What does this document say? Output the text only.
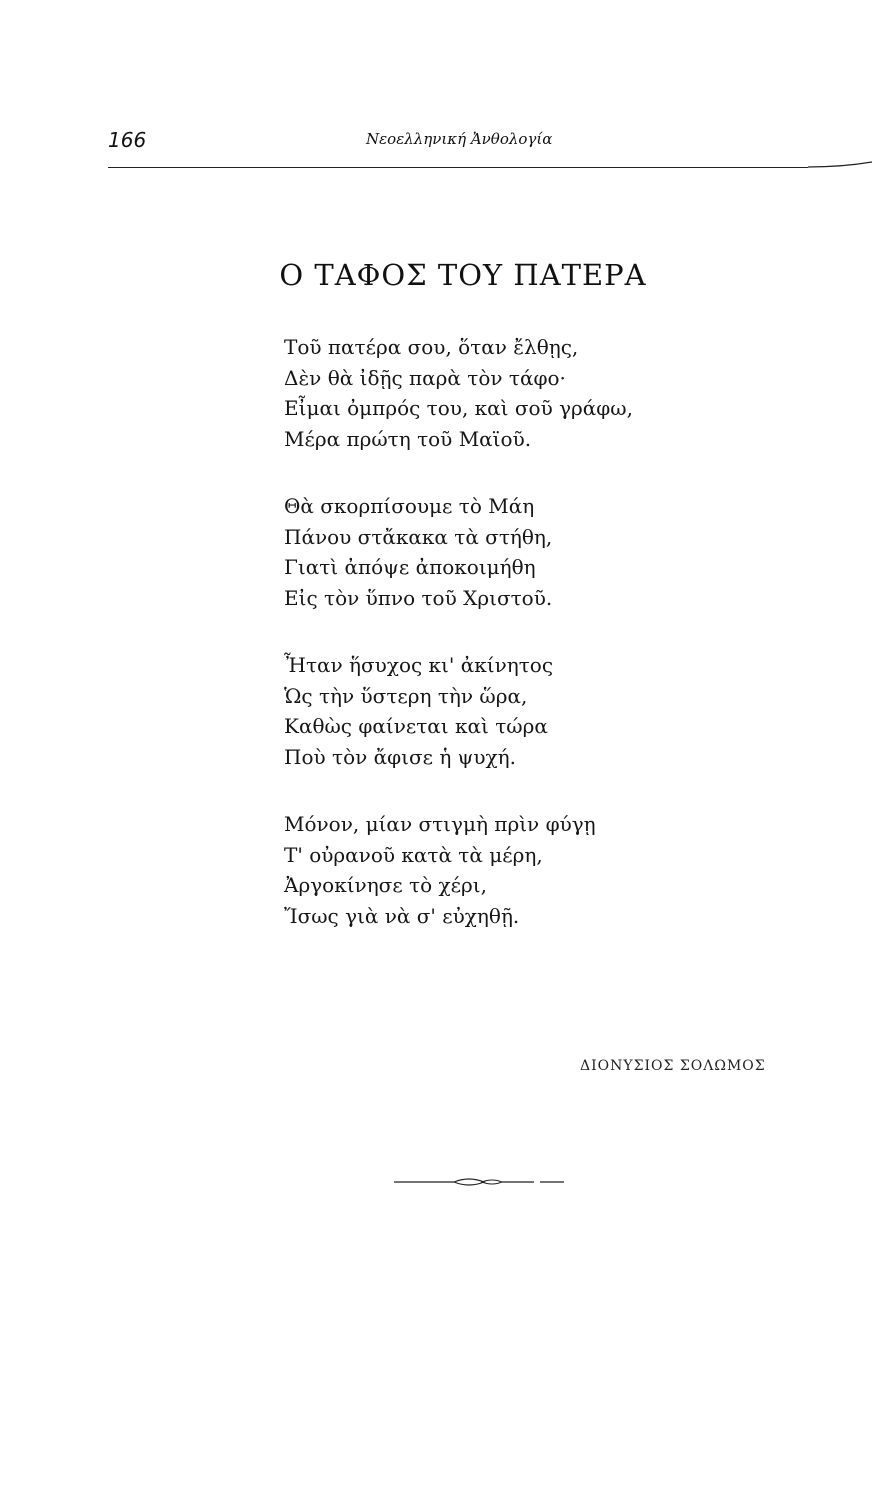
166	Νεοελληνική Ἀνθολογία
Ο ΤΑΦΟΣ ΤΟΥ ΠΑΤΕΡΑ
Τοῦ πατέρα σου, ὅταν ἔλθῃς,
Δὲν θὰ ἰδῇς παρὰ τὸν τάφο·
Εἶμαι ὀμπρός του, καὶ σοῦ γράφω,
Μέρα πρώτη τοῦ Μαϊοῦ.
Θὰ σκορπίσουμε τὸ Μάη
Πάνου στἄκακα τὰ στήθη,
Γιατὶ ἀπόψε ἀποκοιμήθη
Εἰς τὸν ὕπνο τοῦ Χριστοῦ.
Ἦταν ἥσυχος κι' ἀκίνητος
Ὡς τὴν ὕστερη τὴν ὥρα,
Καθὼς φαίνεται καὶ τώρα
Ποὺ τὸν ἄφισε ἡ ψυχή.
Μόνον, μίαν στιγμὴ πρὶν φύγῃ
Τ' οὐρανοῦ κατὰ τὰ μέρη,
Ἀργοκίνησε τὸ χέρι,
Ἴσως γιὰ νὰ σ' εὐχηθῇ.
ΔΙΟΝΥΣΙΟΣ ΣΟΛΩΜΟΣ
